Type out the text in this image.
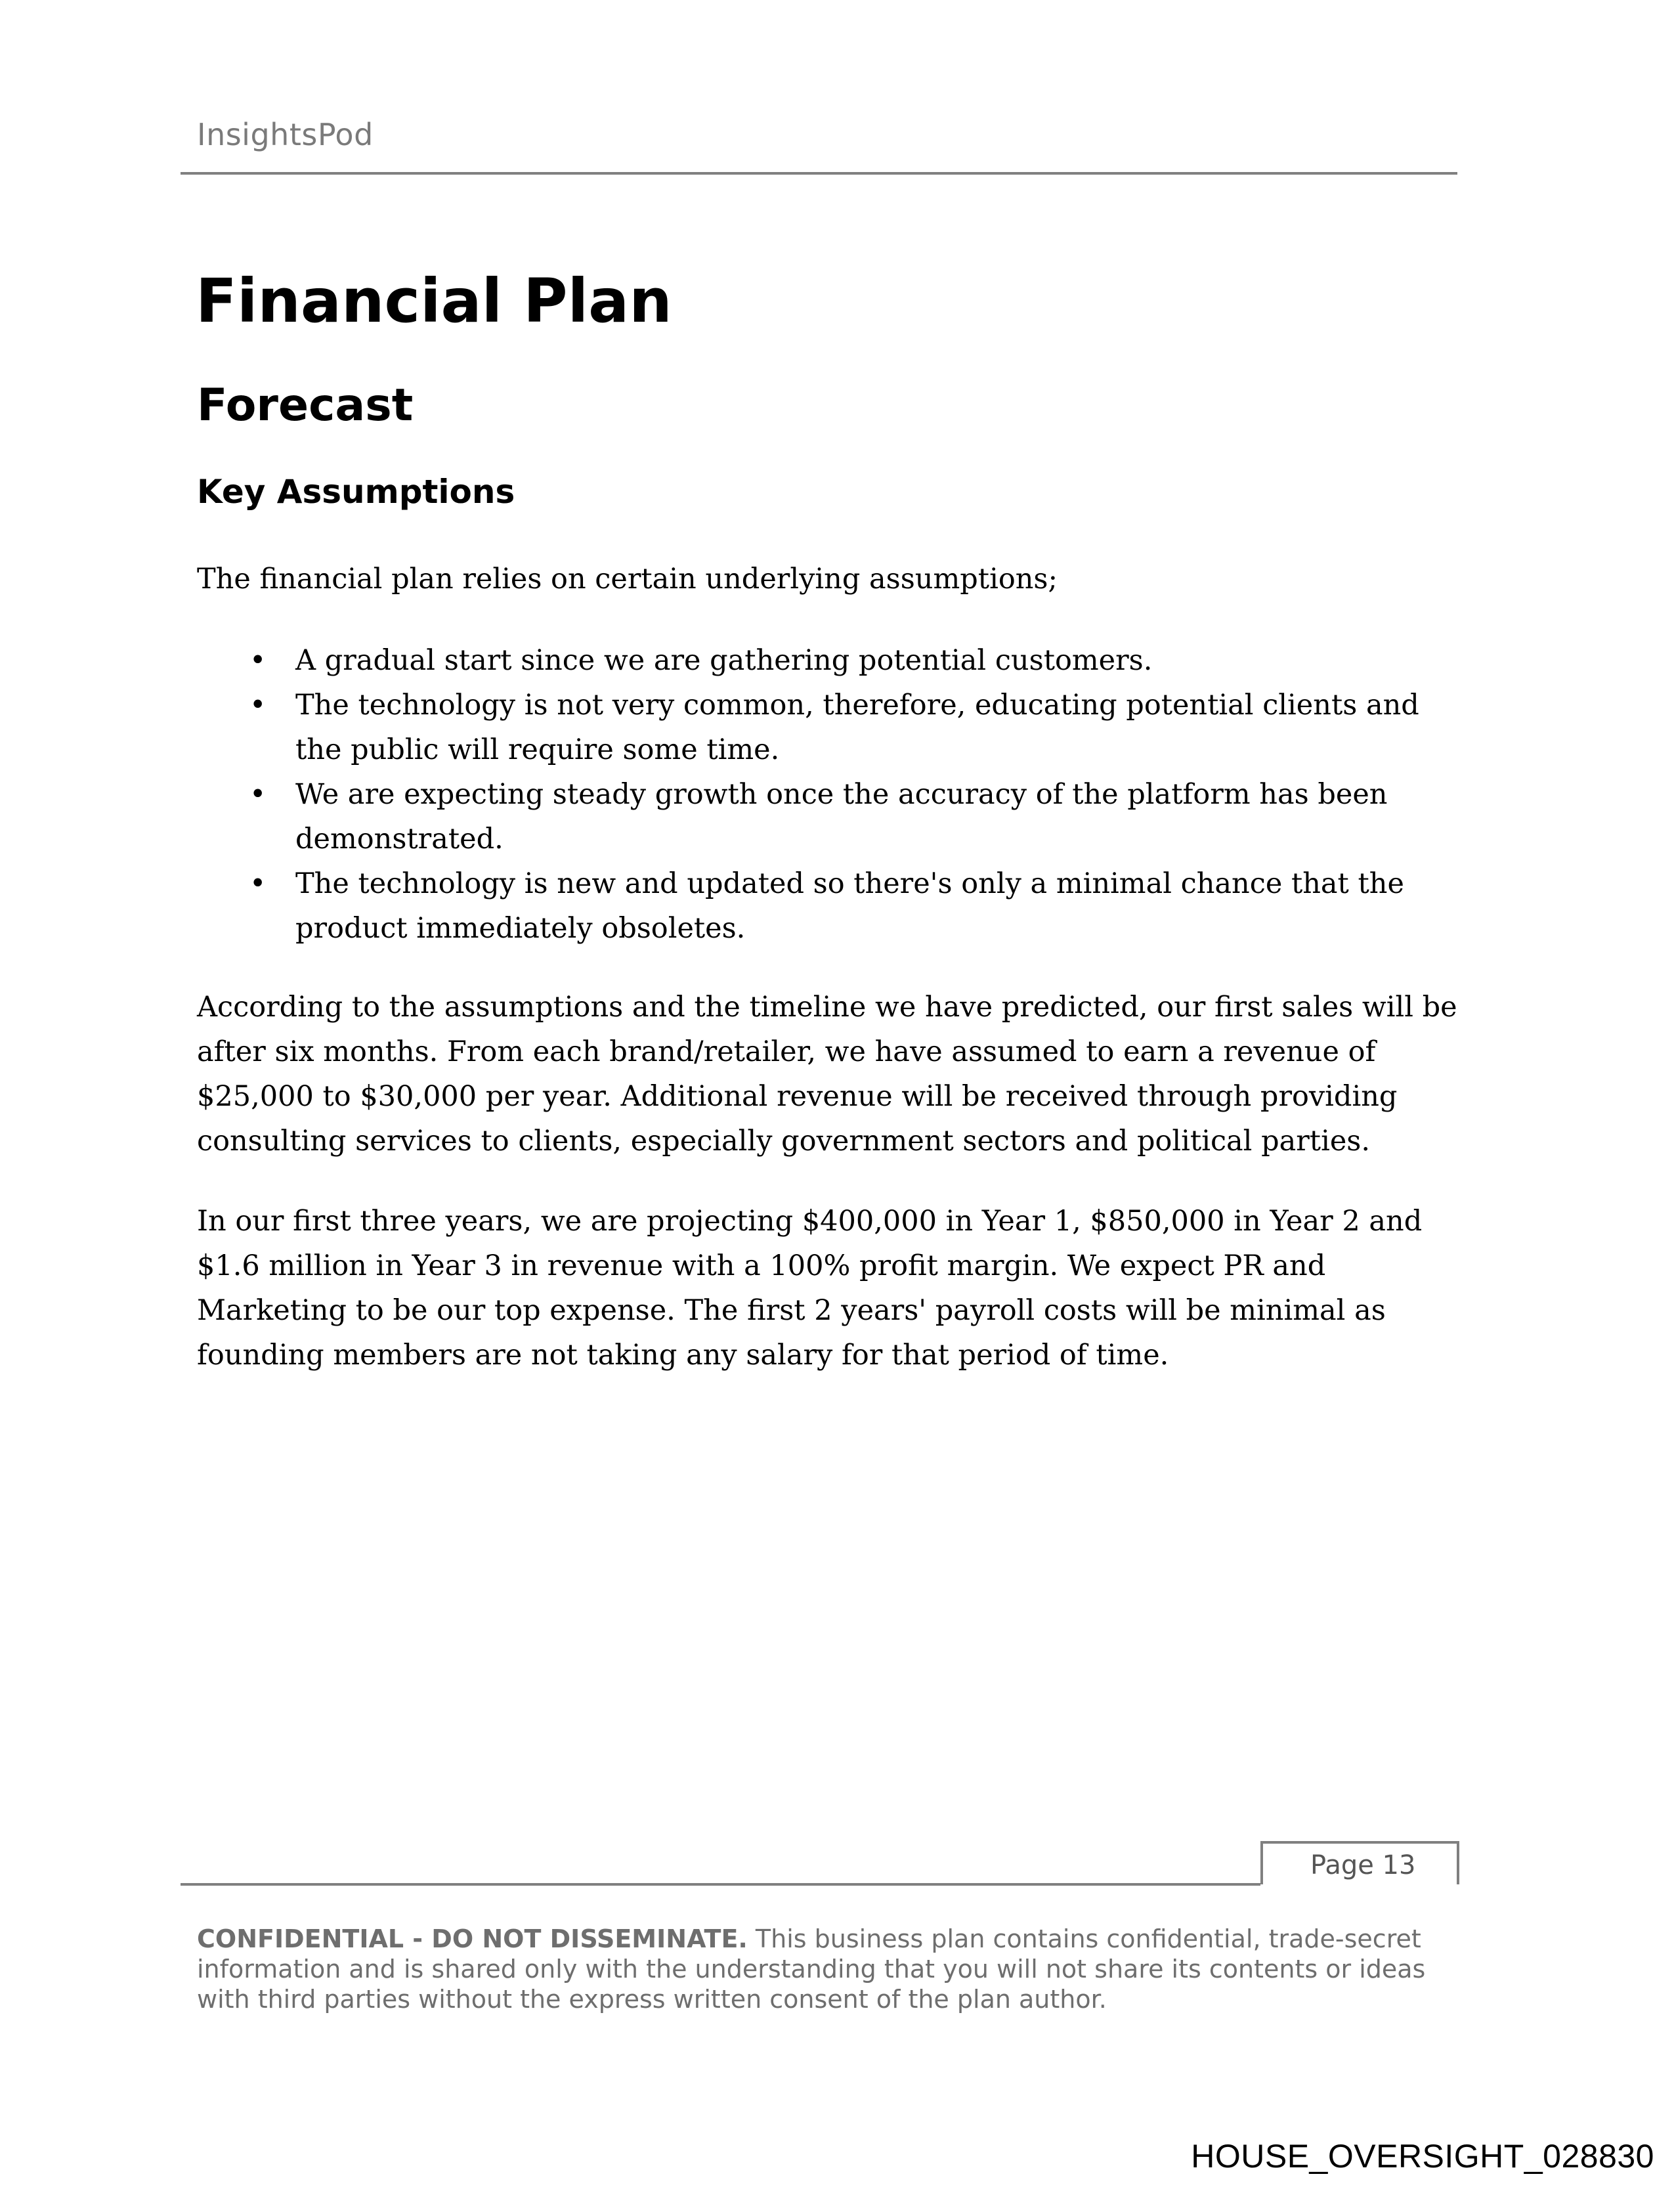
InsightsPod
Financial Plan
Forecast
Key Assumptions
The financial plan relies on certain underlying assumptions;
• A gradual start since we are gathering potential customers.
• The technology is not very common, therefore, educating potential clients and the public will require some time.
• We are expecting steady growth once the accuracy of the platform has been demonstrated.
• The technology is new and updated so there's only a minimal chance that the product immediately obsoletes.

According to the assumptions and the timeline we have predicted, our first sales will be after six months. From each brand/retailer, we have assumed to earn a revenue of $25,000 to $30,000 per year. Additional revenue will be received through providing consulting services to clients, especially government sectors and political parties.

In our first three years, we are projecting $400,000 in Year 1, $850,000 in Year 2 and $1.6 million in Year 3 in revenue with a 100% profit margin. We expect PR and Marketing to be our top expense. The first 2 years' payroll costs will be minimal as founding members are not taking any salary for that period of time.

Page 13
CONFIDENTIAL - DO NOT DISSEMINATE. This business plan contains confidential, trade-secret information and is shared only with the understanding that you will not share its contents or ideas with third parties without the express written consent of the plan author.
HOUSE_OVERSIGHT_028830
